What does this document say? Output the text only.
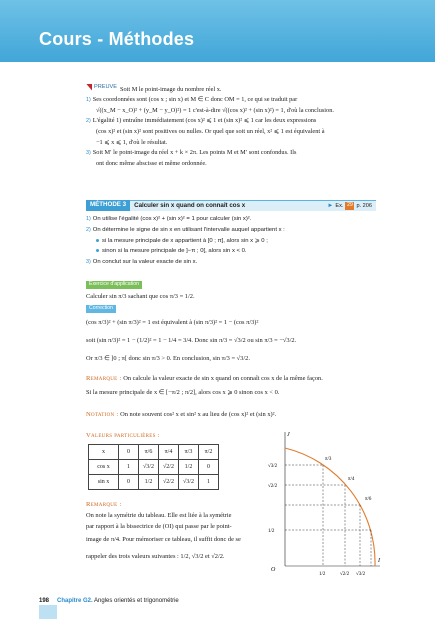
Cours - Méthodes

PREUVE Soit M le point-image du nombre réel x.

1) Ses coordonnées sont (cos x ; sin x) et M ∈ C donc OM = 1, ce qui se traduit par

√((x_M − x_O)² + (y_M − y_O)²) = 1 c'est-à-dire √((cos x)² + (sin x)²) = 1, d'où la conclusion.

2) L'égalité 1) entraîne immédiatement (cos x)² ⩽ 1 et (sin x)² ⩽ 1 car les deux expressions

(cos x)² et (sin x)² sont positives ou nulles. Or quel que soit un réel, x² ⩽ 1 est équivalent à

−1 ⩽ x ⩽ 1, d'où le résultat.

3) Soit M′ le point-image du réel x + k × 2π. Les points M et M′ sont confondus. Ils

ont donc même abscisse et même ordonnée.

MÉTHODE 3	Calculer sin x quand on connaît cos x	► Ex. 29 p. 206

1) On utilise l'égalité (cos x)² + (sin x)² = 1 pour calculer (sin x)².

2) On détermine le signe de sin x en utilisant l'intervalle auquel appartient x :

si la mesure principale de x appartient à [0 ; π], alors sin x ⩾ 0 ;

sinon si la mesure principale de ]−π ; 0[, alors sin x < 0.

3) On conclut sur la valeur exacte de sin x.

Exercice d'application
Calculer sin π/3 sachant que cos π/3 = 1/2.
Correction
(cos π/3)² + (sin π/3)² = 1 est équivalent à (sin π/3)² = 1 − (cos π/3)²
soit (sin π/3)² = 1 − (1/2)² = 1 − 1/4 = 3/4. Donc sin π/3 = √3/2 ou sin π/3 = −√3/2.
Or π/3 ∈ ]0 ; π[ donc sin π/3 > 0. En conclusion, sin π/3 = √3/2.
Remarque : On calcule la valeur exacte de sin x quand on connaît cos x de la même façon.
Si la mesure principale de x ∈ [−π/2 ; π/2], alors cos x ⩾ 0 sinon cos x < 0.
Notation : On note souvent cos² x et sin² x au lieu de (cos x)² et (sin x)².
Valeurs particulières :
x	0	π/6	π/4	π/3	π/2
cos x	1	√3/2	√2/2	1/2	0
sin x	0	1/2	√2/2	√3/2	1
Remarque :
On note la symétrie du tableau. Elle est liée à la symétrie
par rapport à la bissectrice de (OI) qui passe par le point-
image de π/4. Pour mémoriser ce tableau, il suffit donc de se
rappeler des trois valeurs suivantes : 1/2, √3/2 et √2/2.
O
J
I
√3/2
√2/2
1/2
1/2	√2/2 √3/2
π/3
π/4
π/6
198 Chapitre G2. Angles orientés et trigonométrie
